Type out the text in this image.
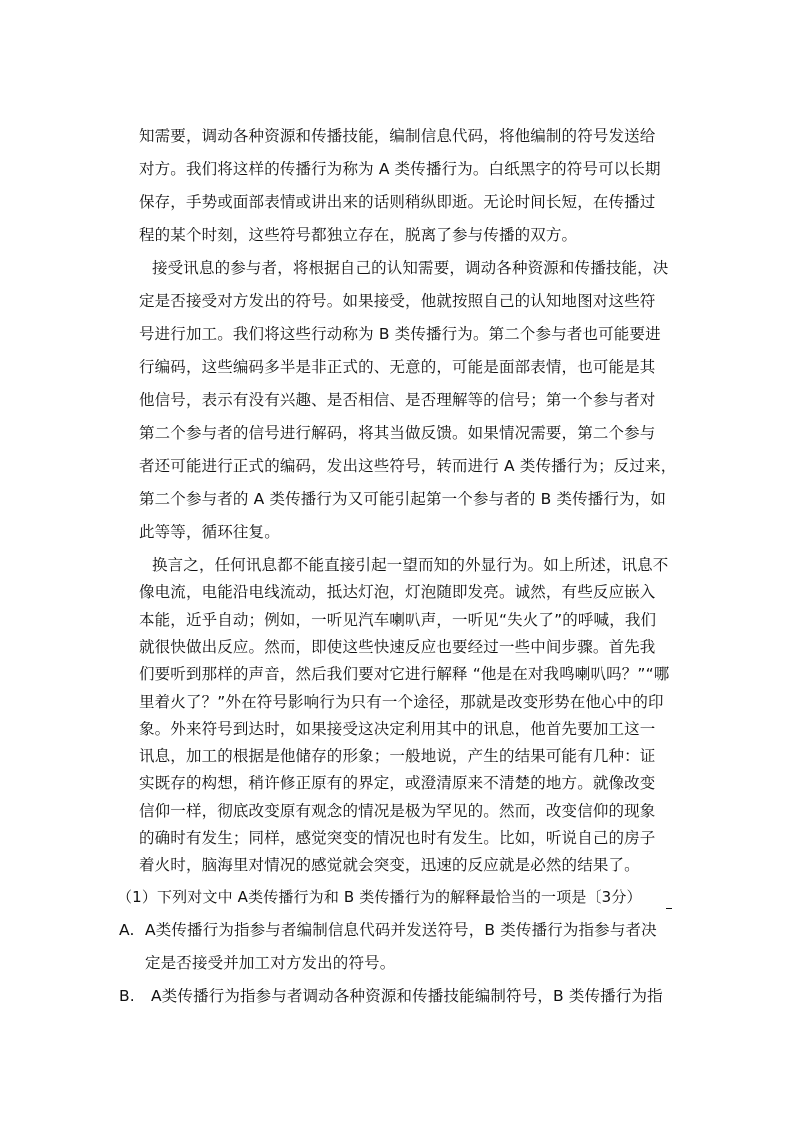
知需要，调动各种资源和传播技能，编制信息代码，将他编制的符号发送给
对方。我们将这样的传播行为称为 A 类传播行为。白纸黑字的符号可以长期
保存，手势或面部表情或讲出来的话则稍纵即逝。无论时间长短，在传播过
程的某个时刻，这些符号都独立存在，脱离了参与传播的双方。
接受讯息的参与者，将根据自己的认知需要，调动各种资源和传播技能，决
定是否接受对方发出的符号。如果接受，他就按照自己的认知地图对这些符
号进行加工。我们将这些行动称为 B 类传播行为。第二个参与者也可能要进
行编码，这些编码多半是非正式的、无意的，可能是面部表情，也可能是其
他信号，表示有没有兴趣、是否相信、是否理解等的信号；第一个参与者对
第二个参与者的信号进行解码，将其当做反馈。如果情况需要，第二个参与
者还可能进行正式的编码，发出这些符号，转而进行 A 类传播行为；反过来，
第二个参与者的 A 类传播行为又可能引起第一个参与者的 B 类传播行为，如
此等等，循环往复。
换言之，任何讯息都不能直接引起一望而知的外显行为。如上所述，讯息不
像电流，电能沿电线流动，抵达灯泡，灯泡随即发亮。诚然，有些反应嵌入
本能，近乎自动；例如，一听见汽车喇叭声，一听见“失火了”的呼喊，我们
就很快做出反应。然而，即使这些快速反应也要经过一些中间步骤。首先我
们要听到那样的声音，然后我们要对它进行解释 “他是在对我鸣喇叭吗？”“哪
里着火了？”外在符号影响行为只有一个途径，那就是改变形势在他心中的印
象。外来符号到达时，如果接受这决定利用其中的讯息，他首先要加工这一
讯息，加工的根据是他储存的形象；一般地说，产生的结果可能有几种：证
实既存的构想，稍许修正原有的界定，或澄清原来不清楚的地方。就像改变
信仰一样，彻底改变原有观念的情况是极为罕见的。然而，改变信仰的现象
的确时有发生；同样，感觉突变的情况也时有发生。比如，听说自己的房子
着火时，脑海里对情况的感觉就会突变，迅速的反应就是必然的结果了。
（1）下列对文中 A类传播行为和 B 类传播行为的解释最恰当的一项是〔3分）
A. A类传播行为指参与者编制信息代码并发送符号，B 类传播行为指参与者决
定是否接受并加工对方发出的符号。
B. A类传播行为指参与者调动各种资源和传播技能编制符号，B 类传播行为指
